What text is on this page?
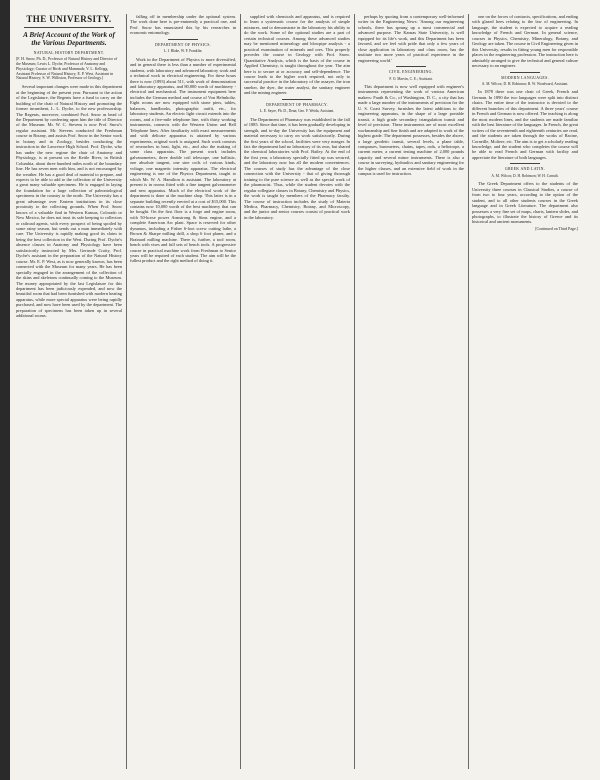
THE UNIVERSITY.
A Brief Account of the Work of the Various Departments.
NATURAL HISTORY DEPARTMENT.
[F. H. Snow, Ph. D., Professor of Natural History and Director of the Museum; Lewis L. Dyche, Professor of Anatomy and Physiology; Curator of Birds and Mammals; V. L. Kellogg, Assistant Professor of Natural History; E. P. West, Assistant in Natural History; S. W. Williston, Professor of Geology.]

Several important changes were made in this department at the beginning of the present year. Pursuant to the action of the Legislature, the Regents have a fund to carry on the building of the chair of Natural History and promoting the former incumbent, L. L. Dyche, to the new professorship. The Regents, moreover, combined Prof. Snow as head of the Department by conferring upon him the title of Director of the Museum. Mr. W. C. Stevens is now Prof. Snow's regular assistant. Mr. Stevens conducted the Freshman course in Botany, and assists Prof. Snow in the Senior work in botany and in Zoology, besides conducting the instruction in the Lawrence High School. Prof. Dyche, who has under the new regime the chair of Anatomy and Physiology, is at present on the Kettle River, in British Columbia, about three hundred miles north of the boundary line. He has seven men with him, and is not encouraged by the weather. He has a good deal of material to prepare, and expects to be able to add to the collection of the University a great many valuable specimens. He is engaged in laying the foundation for a large collection of paleontological specimens in the country to the north. The University has a great advantage over Eastern institutions in its close proximity to the collecting grounds. When Prof. Snow knows of a valuable find in Western Kansas, Colorado or New Mexico, he does not trust its safe keeping to collectors or railroad agents, with every prospect of being spoiled by some rainy season, but sends out a man immediately with care. The University is rapidly making good its claim to being the best collection in the West. During Prof. Dyche's absence classes in Anatomy and Physiology have been satisfactorily instructed by Mrs. Gertrude Crotty, Prof. Dyche's assistant in the preparation of the Natural History course. Mr. E. P. West, as is now generally known, has been connected with the Museum for many years. He has been specially engaged in the arrangement of the collection of the skins and skeletons continually coming to the Museum. The money appropriated by the last Legislature for this department has been judiciously expended, and now the beautiful room that had been furnished with modern heating apparatus, while more special apparatus were being rapidly purchased, and now have been used by the department. The preparation of specimens has been taken up in several additional rooms.

falling off in membership under the optional system. The work done here is pre-eminently a practical one, and Prof. Snow has enunciated this by his researches in economic entomology.

DEPARTMENT OF PHYSICS.
L. I. Blake, W. F. Franklin.

Work in the Department of Physics is more diversified, and in general there is less than a number of experimental students, with laboratory and advanced laboratory work and a technical work in electrical engineering. For these hours there is now (1893) about 511, with work of demonstration and laboratory apparatus, and 80,000 worth of machinery - electrical and mechanical. The instrument equipment here includes the German method and course of Von Helmholtz. Eight rooms are now equipped with stone piers, tables, balances, handbooks, photographic outfit, etc., for laboratory students. An electric light circuit extends into the rooms, and a five-mile telephone line, with thirty working instruments, connects with the Western Union and Bell Telephone lines. After familiarity with exact measurements and with delicate apparatus is attained by various experiments, original work is assigned. Such work consists of researches in heat, light, etc., and also the making of some class apparatus. The present work includes galvanometers, three double coil telescope, one ballistic, one absolute tangent, one sine coils of various kinds, voltage, one magnetic intensity apparatus. The electrical engineering is one of the Physics Department, taught to which Mr. W. A. Hamilton is assistant. The laboratory at present is in rooms fitted with a fine tangent galvanometer and new apparatus. Much of the electrical work of the department is done at the machine shop. This latter is in a separate building recently erected at a cost of $15,000. This contains now 10,000 worth of the best machinery that can be bought. On the first floor is a forge and engine room, with 50-horse power Armstrong & Sims engine, and a complete American Arc plant. Space is reserved for other dynamos, including a Fisher 6-foot screw cutting lathe, a Brown & Sharpe milling drill, a shop 6 foot planer, and a Brainard milling machine. There is, further, a tool room, bench with vises and full sets of bench tools. A progressive course in practical machine work from Freshman to Senior years will be required of each student. The aim will be the fullest product and the right method of doing it.

supplied with chemicals and apparatus, and is required to learn a systematic course for the analysis of simple mixtures, and to demonstrate in the laboratory his ability to do the work. Some of the optional studies are a part of certain technical courses. Among these advanced studies may be mentioned mineralogy and blowpipe analysis - a practical examination of minerals and ores. This properly precedes the course in Geology with Prof. Snow. Quantitative Analysis, which is the basis of the course in Applied Chemistry, is taught throughout the year. The aim here is to secure at or accuracy and self-dependence. The course leads to the higher work required, not only to successful practice in the laboratory of the assayer, the iron smelter, the dyer, the water analyst, the sanitary engineer and the mining engineer.

DEPARTMENT OF PHARMACY.
L. E. Sayre, Ph. D., Dean; Geo. F. Weida, Assistant.

The Department of Pharmacy was established in the fall of 1885. Since that time, it has been gradually developing in strength, and to-day the University has the equipment and material necessary to carry on work satisfactorily. During the first years of the school, facilities were very meager. In fact the department had no laboratory of its own, but shared the chemical laboratories with Prof. Bailey. At the end of the first year, a laboratory specially fitted up was secured, and the laboratory now has all the modern conveniences. The courses of study has the advantage of the close connection with the University - that of giving thorough training to the pure science as well as the special work of the pharmacist. Thus, while the student devotes with the regular collegiate classes in Botany, Chemistry and Physics, the work is taught by members of the Pharmacy faculty. The course of instruction includes the study of Materia Medica, Pharmacy, Chemistry, Botany, and Microscopy, and the junior and senior courses consist of practical work in the laboratory.

perhaps by quoting from a contemporary well-informed writer in the Engineering News: 'Among our engineering schools, there has sprung up a most commercial and advanced purpose. The Kansas State University, is well equipped for its life's work, and this Department has been favored, and we feel with pride that only a few years of close application in laboratory and class room, has the institute two more years of practical experience in the engineering world.'

CIVIL ENGINEERING.
F. O. Marvin, C. E.; Assistant.

This department is now well equipped with engineer's instruments representing the work of various American makers: Fauth & Co., of Washington, D. C., a city that has made a large number of the instruments of precision for the U. S. Coast Survey, furnishes the latest additions to the engineering apparatus, in the shape of a large portable transit, a high grade secondary triangulation transit and level of precision. These instruments are of most excellent workmanship and fine finish and are adapted to work of the highest grade. The department possesses, besides the above, a large geodetic transit, several levels, a plane table, compasses, barometers, chains, tapes, rods, a heliotrope, a current meter, a current testing machine of 2,000 pounds capacity and several minor instruments. There is also a course in surveying, hydraulics and sanitary engineering for the higher classes, and an extensive field of work in the campus is used for instruction.

one on the forces of contracts, specifications, and ending with glazed bees relating to the law of engineering. In language, the student is expected to acquire a reading knowledge of French and German. In general science, courses in Physics, Chemistry, Mineralogy, Botany, and Geology are taken. The course in Civil Engineering given in this University, results in fitting young men for responsible places in the engineering profession. The instruction here is admirably arranged to give the technical and general culture necessary to an engineer.

MODERN LANGUAGES.
A. M. Wilcox; D. H. Robinson; B. W. Woodward, Assistant.

In 1878 there was one chair of Greek, French and German. In 1890 the two languages were split into distinct chairs. The entire time of the instructor is devoted to the different branches of this department. A three years' course in French and German is now offered. The teaching is along the most modern lines, and the students are made familiar with the best literature of the languages. In French, the great writers of the seventeenth and eighteenth centuries are read, and the students are taken through the works of Racine, Corneille, Moliere, etc. The aim is to get a scholarly reading knowledge, and the student who completes the course will be able to read French and German with facility and appreciate the literature of both languages.

GREEK AND LATIN.
A. M. Wilcox; D. H. Robinson; W. H. Carruth.

The Greek Department offers to the students of the University three courses in Classical Studies, a course of from two to four years, according to the option of the student, and to all other students courses in the Greek language and in Greek Literature. The department also possesses a very fine set of maps, charts, lantern slides, and photographs, to illustrate the history of Greece and its historical and ancient monuments.

[Continued on Third Page.]
